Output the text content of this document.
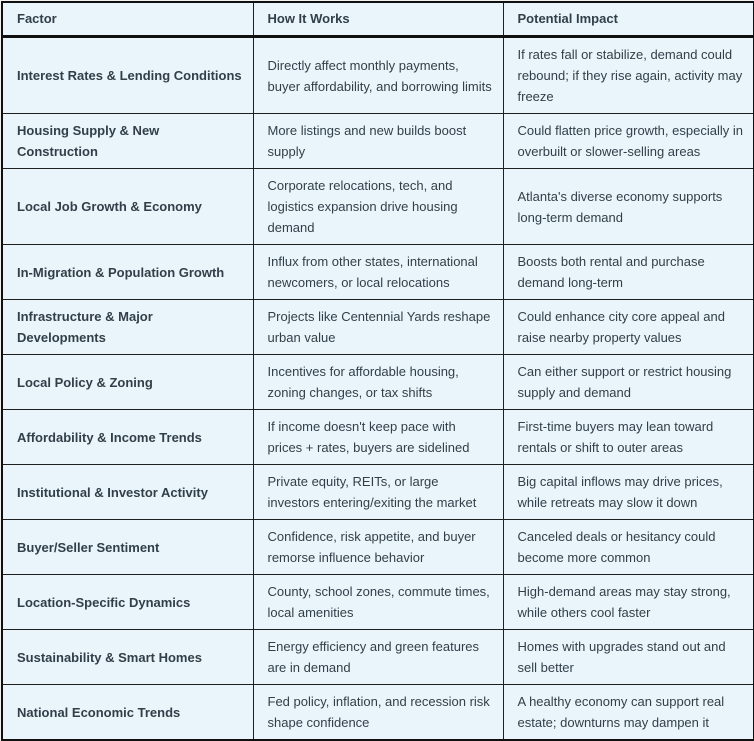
Factor	How It Works	Potential Impact
Interest Rates & Lending Conditions	Directly affect monthly payments, buyer affordability, and borrowing limits	If rates fall or stabilize, demand could rebound; if they rise again, activity may freeze
Housing Supply & New Construction	More listings and new builds boost supply	Could flatten price growth, especially in overbuilt or slower-selling areas
Local Job Growth & Economy	Corporate relocations, tech, and logistics expansion drive housing demand	Atlanta's diverse economy supports long-term demand
In-Migration & Population Growth	Influx from other states, international newcomers, or local relocations	Boosts both rental and purchase demand long-term
Infrastructure & Major Developments	Projects like Centennial Yards reshape urban value	Could enhance city core appeal and raise nearby property values
Local Policy & Zoning	Incentives for affordable housing, zoning changes, or tax shifts	Can either support or restrict housing supply and demand
Affordability & Income Trends	If income doesn't keep pace with prices + rates, buyers are sidelined	First-time buyers may lean toward rentals or shift to outer areas
Institutional & Investor Activity	Private equity, REITs, or large investors entering/exiting the market	Big capital inflows may drive prices, while retreats may slow it down
Buyer/Seller Sentiment	Confidence, risk appetite, and buyer remorse influence behavior	Canceled deals or hesitancy could become more common
Location-Specific Dynamics	County, school zones, commute times, local amenities	High-demand areas may stay strong, while others cool faster
Sustainability & Smart Homes	Energy efficiency and green features are in demand	Homes with upgrades stand out and sell better
National Economic Trends	Fed policy, inflation, and recession risk shape confidence	A healthy economy can support real estate; downturns may dampen it
